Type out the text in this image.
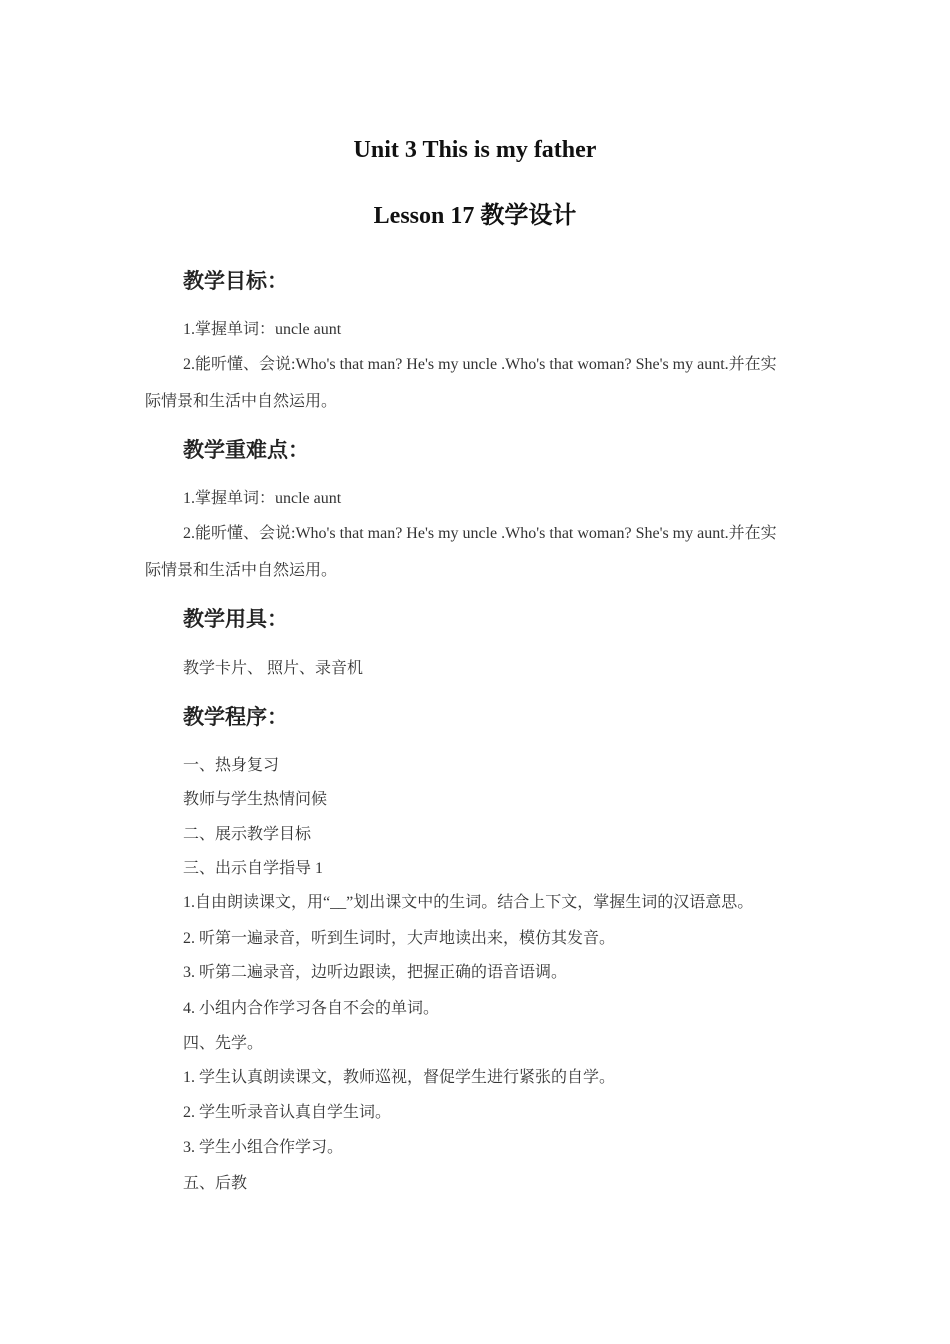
Unit 3 This is my father
Lesson 17 教学设计
教学目标：
1.掌握单词：uncle aunt
2.能听懂、会说:Who's that man? He's my uncle .Who's that woman? She's my aunt.并在实
际情景和生活中自然运用。
教学重难点：
1.掌握单词：uncle aunt
2.能听懂、会说:Who's that man? He's my uncle .Who's that woman? She's my aunt.并在实
际情景和生活中自然运用。
教学用具：
教学卡片、 照片、录音机
教学程序：
一、热身复习
教师与学生热情问候
二、展示教学目标
三、出示自学指导 1
1.自由朗读课文，用“__”划出课文中的生词。结合上下文，掌握生词的汉语意思。
2. 听第一遍录音，听到生词时，大声地读出来，模仿其发音。
3. 听第二遍录音，边听边跟读，把握正确的语音语调。
4. 小组内合作学习各自不会的单词。
四、先学。
1. 学生认真朗读课文，教师巡视，督促学生进行紧张的自学。
2. 学生听录音认真自学生词。
3. 学生小组合作学习。
五、后教
